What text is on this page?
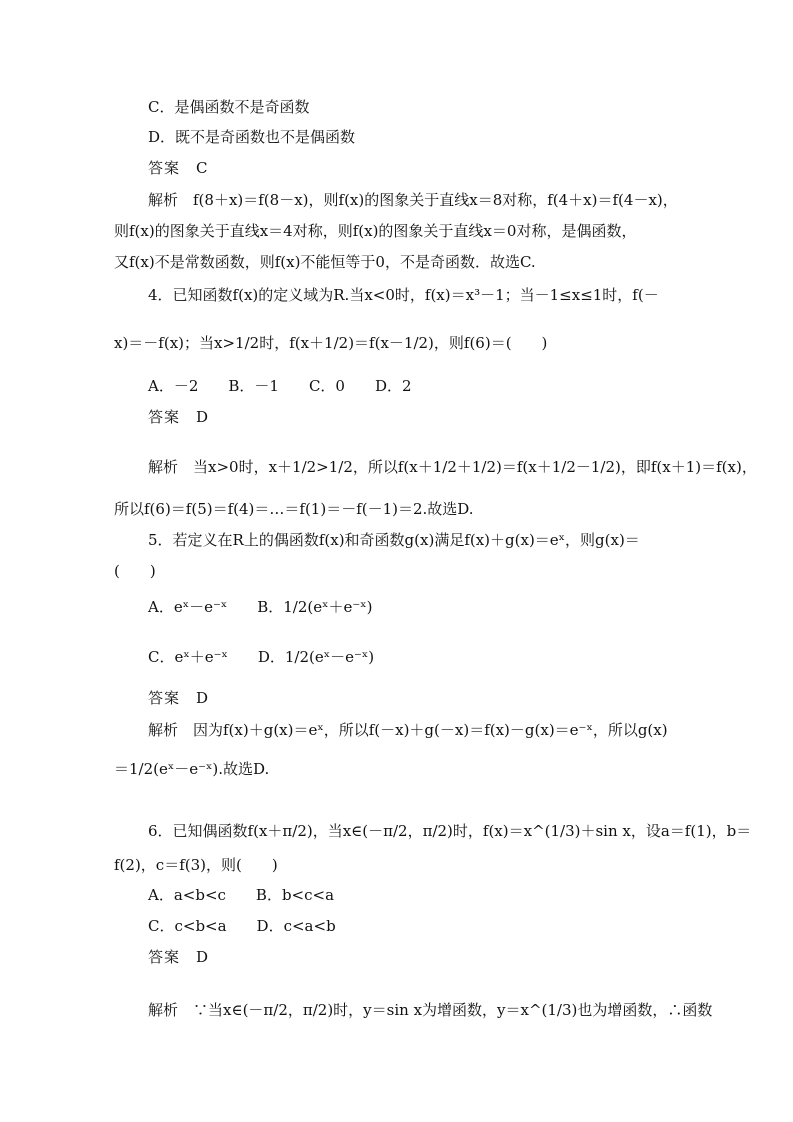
C．是偶函数不是奇函数
D．既不是奇函数也不是偶函数
答案　C
解析　f(8＋x)＝f(8－x)，则f(x)的图象关于直线x＝8对称，f(4＋x)＝f(4－x)，
则f(x)的图象关于直线x＝4对称，则f(x)的图象关于直线x＝0对称，是偶函数，
又f(x)不是常数函数，则f(x)不能恒等于0，不是奇函数．故选C.
4．已知函数f(x)的定义域为R.当x<0时，f(x)＝x³－1；当－1≤x≤1时，f(－
x)＝－f(x)；当x>1/2时，f(x＋1/2)＝f(x－1/2)，则f(6)＝(　　)
A．－2　　B．－1　　C．0　　D．2
答案　D
解析　当x>0时，x＋1/2>1/2，所以f(x＋1/2＋1/2)＝f(x＋1/2－1/2)，即f(x＋1)＝f(x)，
所以f(6)＝f(5)＝f(4)＝…＝f(1)＝－f(－1)＝2.故选D.
5．若定义在R上的偶函数f(x)和奇函数g(x)满足f(x)＋g(x)＝eˣ，则g(x)＝
(　　)
A．eˣ－e⁻ˣ　　B．1/2(eˣ＋e⁻ˣ)
C．eˣ＋e⁻ˣ　　D．1/2(eˣ－e⁻ˣ)
答案　D
解析　因为f(x)＋g(x)＝eˣ，所以f(－x)＋g(－x)＝f(x)－g(x)＝e⁻ˣ，所以g(x)
＝1/2(eˣ－e⁻ˣ).故选D.
6．已知偶函数f(x＋π/2)，当x∈(－π/2，π/2)时，f(x)＝x^(1/3)＋sin x，设a＝f(1)，b＝
f(2)，c＝f(3)，则(　　)
A．a<b<c　　B．b<c<a
C．c<b<a　　D．c<a<b
答案　D
解析　∵当x∈(－π/2，π/2)时，y＝sin x为增函数，y＝x^(1/3)也为增函数，∴函数
